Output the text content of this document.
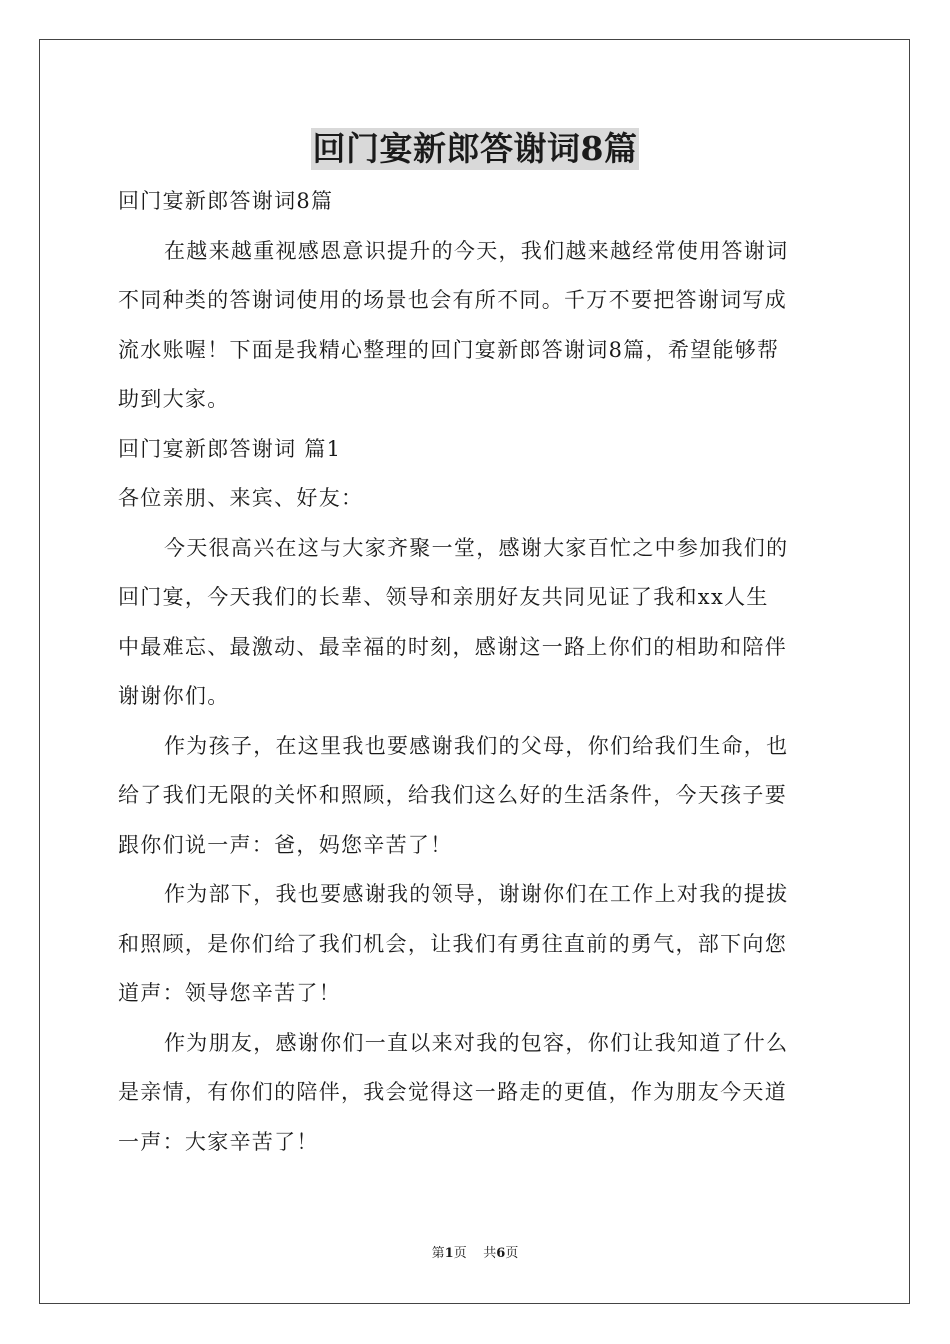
回门宴新郎答谢词8篇
回门宴新郎答谢词8篇
在越来越重视感恩意识提升的今天，我们越来越经常使用答谢词
不同种类的答谢词使用的场景也会有所不同。千万不要把答谢词写成
流水账喔！下面是我精心整理的回门宴新郎答谢词8篇，希望能够帮
助到大家。
回门宴新郎答谢词 篇1
各位亲朋、来宾、好友：
今天很高兴在这与大家齐聚一堂，感谢大家百忙之中参加我们的
回门宴，今天我们的长辈、领导和亲朋好友共同见证了我和xx人生
中最难忘、最激动、最幸福的时刻，感谢这一路上你们的相助和陪伴
谢谢你们。
作为孩子，在这里我也要感谢我们的父母，你们给我们生命，也
给了我们无限的关怀和照顾，给我们这么好的生活条件，今天孩子要
跟你们说一声：爸，妈您辛苦了！
作为部下，我也要感谢我的领导，谢谢你们在工作上对我的提拔
和照顾，是你们给了我们机会，让我们有勇往直前的勇气，部下向您
道声：领导您辛苦了！
作为朋友，感谢你们一直以来对我的包容，你们让我知道了什么
是亲情，有你们的陪伴，我会觉得这一路走的更值，作为朋友今天道
一声：大家辛苦了！
第1页 共6页
